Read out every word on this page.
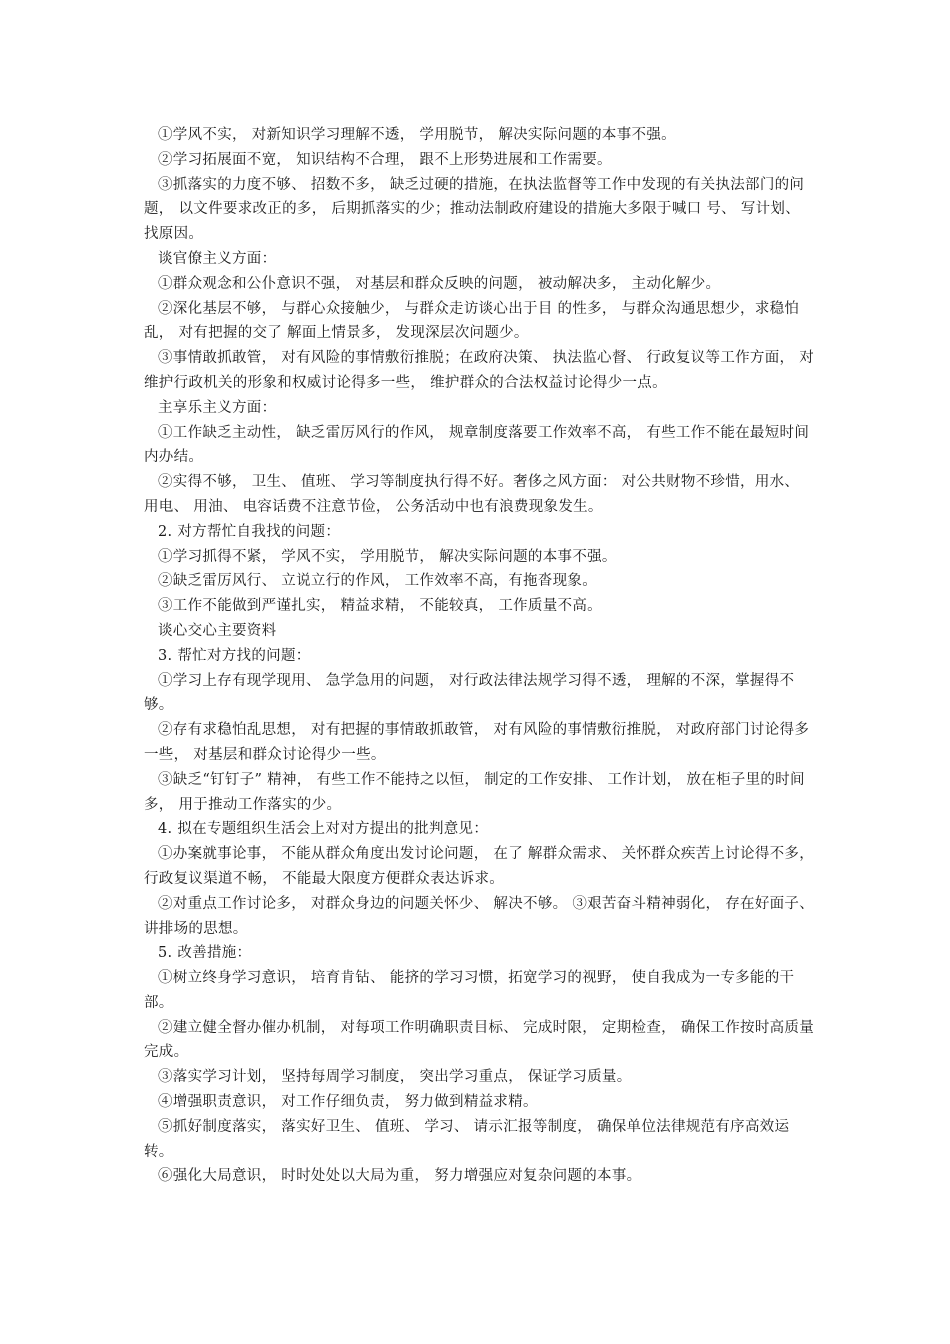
①学风不实， 对新知识学习理解不透， 学用脱节， 解决实际问题的本事不强。

②学习拓展面不宽， 知识结构不合理， 跟不上形势进展和工作需要。

③抓落实的力度不够、 招数不多， 缺乏过硬的措施，在执法监督等工作中发现的有关执法部门的问题， 以文件要求改正的多， 后期抓落实的少；推动法制政府建设的措施大多限于喊口 号、 写计划、 找原因。

谈官僚主义方面：

①群众观念和公仆意识不强， 对基层和群众反映的问题， 被动解决多， 主动化解少。

②深化基层不够， 与群心众接触少， 与群众走访谈心出于目 的性多， 与群众沟通思想少，求稳怕乱， 对有把握的交了 解面上情景多， 发现深层次问题少。

③事情敢抓敢管， 对有风险的事情敷衍推脱；在政府决策、 执法监心督、 行政复议等工作方面， 对维护行政机关的形象和权威讨论得多一些， 维护群众的合法权益讨论得少一点。

主享乐主义方面：

①工作缺乏主动性， 缺乏雷厉风行的作风， 规章制度落要工作效率不高， 有些工作不能在最短时间内办结。

②实得不够， 卫生、 值班、 学习等制度执行得不好。奢侈之风方面： 对公共财物不珍惜，用水、 用电、 用油、 电容话费不注意节俭， 公务活动中也有浪费现象发生。

2. 对方帮忙自我找的问题：

①学习抓得不紧， 学风不实， 学用脱节， 解决实际问题的本事不强。

②缺乏雷厉风行、 立说立行的作风， 工作效率不高，有拖沓现象。

③工作不能做到严谨扎实， 精益求精， 不能较真， 工作质量不高。

谈心交心主要资料

3. 帮忙对方找的问题：

①学习上存有现学现用、 急学急用的问题， 对行政法律法规学习得不透， 理解的不深，掌握得不够。

②存有求稳怕乱思想， 对有把握的事情敢抓敢管， 对有风险的事情敷衍推脱， 对政府部门讨论得多一些， 对基层和群众讨论得少一些。

③缺乏“钉钉子” 精神， 有些工作不能持之以恒， 制定的工作安排、 工作计划， 放在柜子里的时间多， 用于推动工作落实的少。

4. 拟在专题组织生活会上对对方提出的批判意见：

①办案就事论事， 不能从群众角度出发讨论问题， 在了 解群众需求、 关怀群众疾苦上讨论得不多， 行政复议渠道不畅， 不能最大限度方便群众表达诉求。

②对重点工作讨论多， 对群众身边的问题关怀少、 解决不够。 ③艰苦奋斗精神弱化， 存在好面子、 讲排场的思想。

5. 改善措施：

①树立终身学习意识， 培育肯钻、 能挤的学习习惯，拓宽学习的视野， 使自我成为一专多能的干部。

②建立健全督办催办机制， 对每项工作明确职责目标、 完成时限， 定期检查， 确保工作按时高质量完成。

③落实学习计划， 坚持每周学习制度， 突出学习重点， 保证学习质量。

④增强职责意识， 对工作仔细负责， 努力做到精益求精。

⑤抓好制度落实， 落实好卫生、 值班、 学习、 请示汇报等制度， 确保单位法律规范有序高效运转。

⑥强化大局意识， 时时处处以大局为重， 努力增强应对复杂问题的本事。
